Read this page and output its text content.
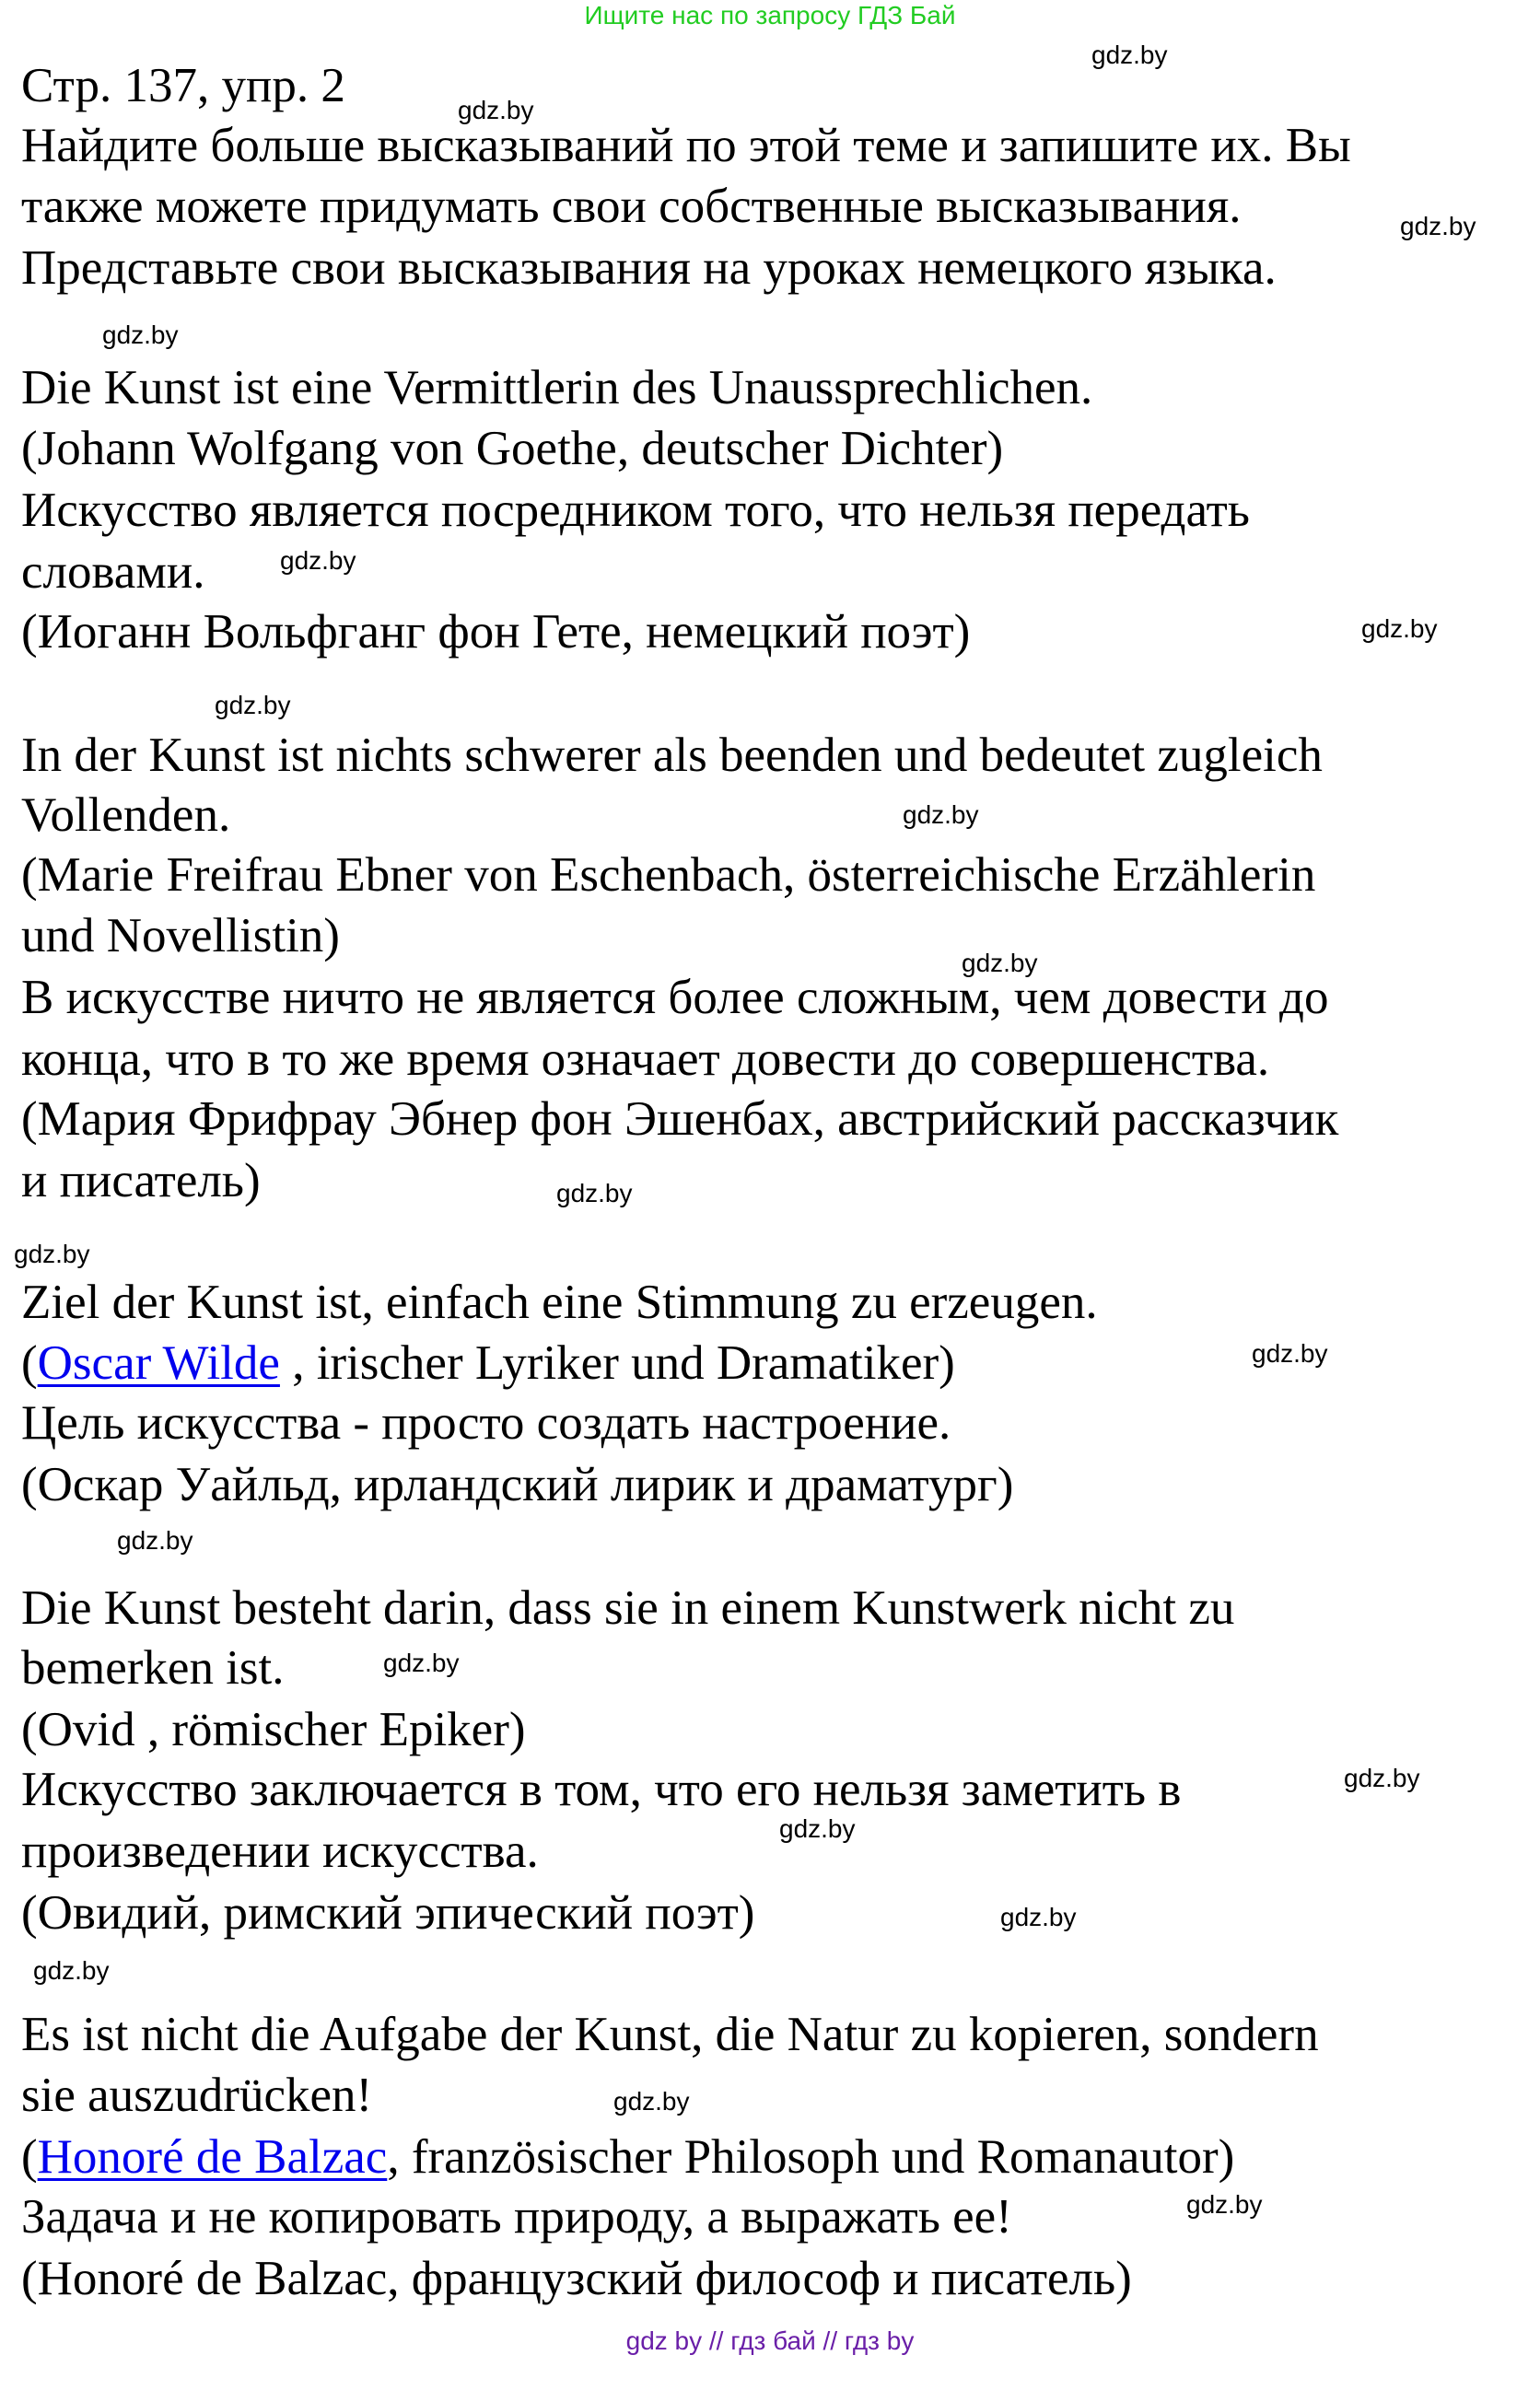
Ищите нас по запросу ГДЗ Бай
Стр. 137, упр. 2
Найдите больше высказываний по этой теме и запишите их. Вы
также можете придумать свои собственные высказывания.
Представьте свои высказывания на уроках немецкого языка.
Die Kunst ist eine Vermittlerin des Unaussprechlichen.
(Johann Wolfgang von Goethe, deutscher Dichter)
Искусство является посредником того, что нельзя передать
словами.
(Иоганн Вольфганг фон Гете, немецкий поэт)
In der Kunst ist nichts schwerer als beenden und bedeutet zugleich
Vollenden.
(Marie Freifrau Ebner von Eschenbach, österreichische Erzählerin
und Novellistin)
В искусстве ничто не является более сложным, чем довести до
конца, что в то же время означает довести до совершенства.
(Мария Фрифрау Эбнер фон Эшенбах, австрийский рассказчик
и писатель)
Ziel der Kunst ist, einfach eine Stimmung zu erzeugen.
(Oscar Wilde , irischer Lyriker und Dramatiker)
Цель искусства - просто создать настроение.
(Оскар Уайльд, ирландский лирик и драматург)
Die Kunst besteht darin, dass sie in einem Kunstwerk nicht zu
bemerken ist.
(Ovid , römischer Epiker)
Искусство заключается в том, что его нельзя заметить в
произведении искусства.
(Овидий, римский эпический поэт)
Es ist nicht die Aufgabe der Kunst, die Natur zu kopieren, sondern
sie auszudrücken!
(Honoré de Balzac, französischer Philosoph und Romanautor)
Задача и не копировать природу, а выражать ее!
(Honoré de Balzac, французский философ и писатель)
gdz.by
gdz.by
gdz.by
gdz.by
gdz.by
gdz.by
gdz.by
gdz.by
gdz.by
gdz.by
gdz.by
gdz.by
gdz.by
gdz.by
gdz.by
gdz.by
gdz.by
gdz.by
gdz.by
gdz.by
gdz by // гдз бай // гдз by
